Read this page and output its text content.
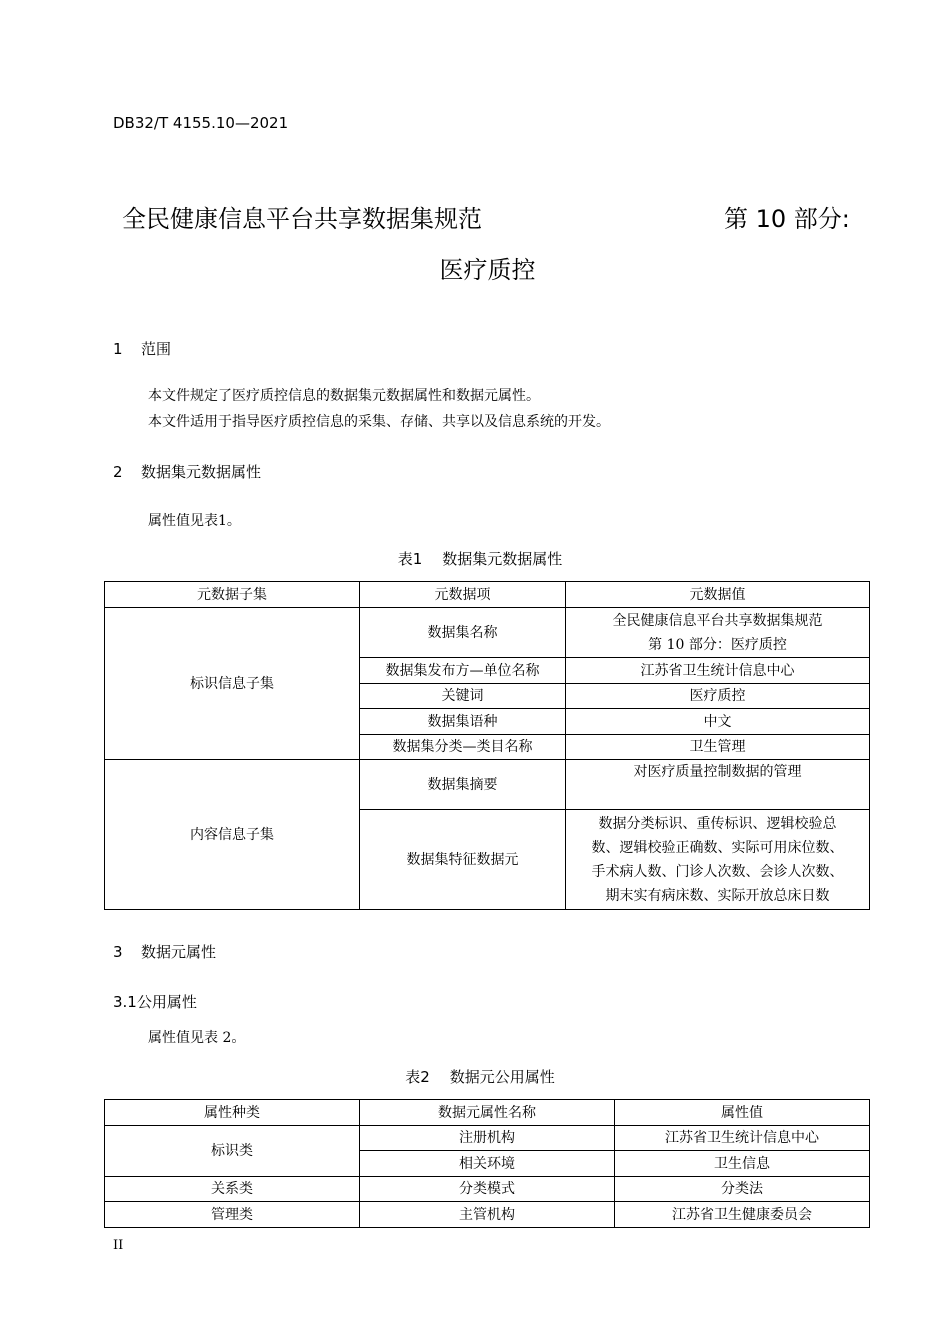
DB32/T 4155.10—2021
全民健康信息平台共享数据集规范	第 10 部分:
医疗质控
1 范围
本文件规定了医疗质控信息的数据集元数据属性和数据元属性。
本文件适用于指导医疗质控信息的采集、存储、共享以及信息系统的开发。
2 数据集元数据属性
属性值见表1。
表1 数据集元数据属性
元数据子集	元数据项	元数据值
标识信息子集	数据集名称	全民健康信息平台共享数据集规范
第 10 部分：医疗质控

	数据集发布方—单位名称	江苏省卫生统计信息中心
	关键词	医疗质控
	数据集语种	中文
	数据集分类—类目名称	卫生管理
内容信息子集	数据集摘要	对医疗质量控制数据的管理
	数据集特征数据元	数据分类标识、重传标识、逻辑校验总
数、逻辑校验正确数、实际可用床位数、
手术病人数、门诊人次数、会诊人次数、
期末实有病床数、实际开放总床日数
3 数据元属性
3.1公用属性
属性值见表 2。
表2 数据元公用属性
属性种类	数据元属性名称	属性值
标识类	注册机构	江苏省卫生统计信息中心
	相关环境	卫生信息
关系类	分类模式	分类法
管理类	主管机构	江苏省卫生健康委员会
II
